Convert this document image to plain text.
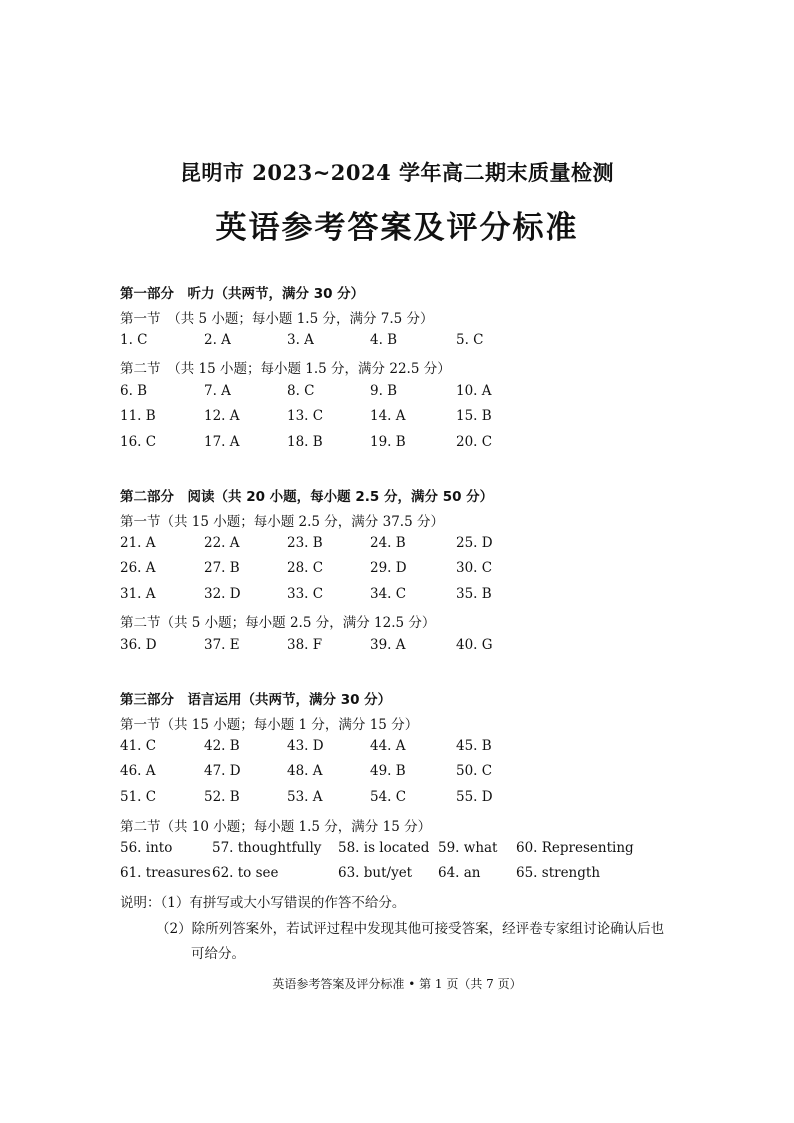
昆明市 2023~2024 学年高二期末质量检测
英语参考答案及评分标准
第一部分　听力（共两节，满分 30 分）
第一节　（共 5 小题；每小题 1.5 分，满分 7.5 分）
1. C	2. A	3. A	4. B	5. C
第二节　（共 15 小题；每小题 1.5 分，满分 22.5 分）
6. B	7. A	8. C	9. B	10. A
11. B	12. A	13. C	14. A	15. B
16. C	17. A	18. B	19. B	20. C
第二部分　阅读（共 20 小题，每小题 2.5 分，满分 50 分）
第一节（共 15 小题；每小题 2.5 分，满分 37.5 分）
21. A	22. A	23. B	24. B	25. D
26. A	27. B	28. C	29. D	30. C
31. A	32. D	33. C	34. C	35. B
第二节（共 5 小题；每小题 2.5 分，满分 12.5 分）
36. D	37. E	38. F	39. A	40. G
第三部分　语言运用（共两节，满分 30 分）
第一节（共 15 小题；每小题 1 分，满分 15 分）
41. C	42. B	43. D	44. A	45. B
46. A	47. D	48. A	49. B	50. C
51. C	52. B	53. A	54. C	55. D
第二节（共 10 小题；每小题 1.5 分，满分 15 分）
56. into	57. thoughtfully 58. is located 59. what 60. Representing
61. treasures 62. to see	63. but/yet 64. an	65. strength
说明：（1）有拼写或大小写错误的作答不给分。
（2）除所列答案外，若试评过程中发现其他可接受答案，经评卷专家组讨论确认后也
可给分。
英语参考答案及评分标准 • 第 1 页（共 7 页）
